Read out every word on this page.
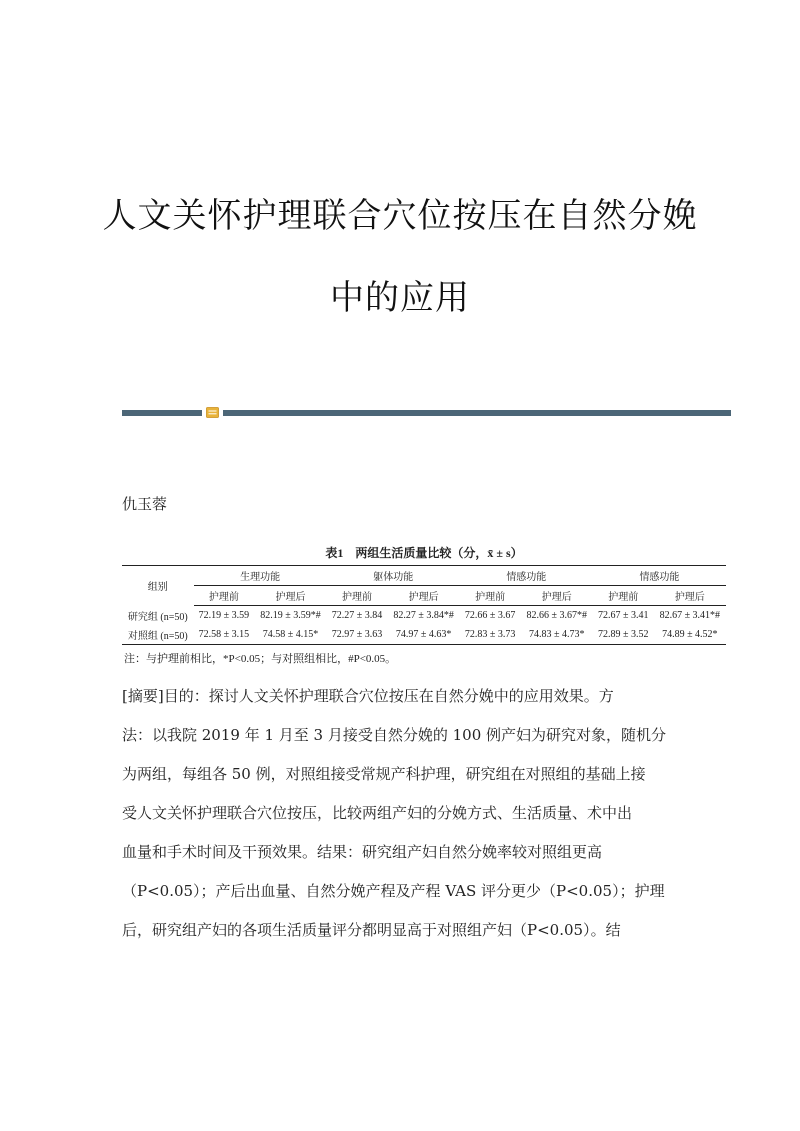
人文关怀护理联合穴位按压在自然分娩
中的应用
仇玉蓉
表1　两组生活质量比较（分，x̄ ± s）
组别	生理功能		躯体功能		情感功能		情感功能	
	护理前	护理后	护理前	护理后	护理前	护理后	护理前	护理后
研究组 (n=50)	72.19 ± 3.59	82.19 ± 3.59*#	72.27 ± 3.84	82.27 ± 3.84*#	72.66 ± 3.67	82.66 ± 3.67*#	72.67 ± 3.41	82.67 ± 3.41*#
对照组 (n=50)	72.58 ± 3.15	74.58 ± 4.15*	72.97 ± 3.63	74.97 ± 4.63*	72.83 ± 3.73	74.83 ± 4.73*	72.89 ± 3.52	74.89 ± 4.52*
注：与护理前相比，*P<0.05；与对照组相比，#P<0.05。
[摘要]目的：探讨人文关怀护理联合穴位按压在自然分娩中的应用效果。方
法：以我院 2019 年 1 月至 3 月接受自然分娩的 100 例产妇为研究对象，随机分
为两组，每组各 50 例，对照组接受常规产科护理，研究组在对照组的基础上接
受人文关怀护理联合穴位按压，比较两组产妇的分娩方式、生活质量、术中出
血量和手术时间及干预效果。结果：研究组产妇自然分娩率较对照组更高
（P<0.05）；产后出血量、自然分娩产程及产程 VAS 评分更少（P<0.05）；护理
后，研究组产妇的各项生活质量评分都明显高于对照组产妇（P<0.05）。结
